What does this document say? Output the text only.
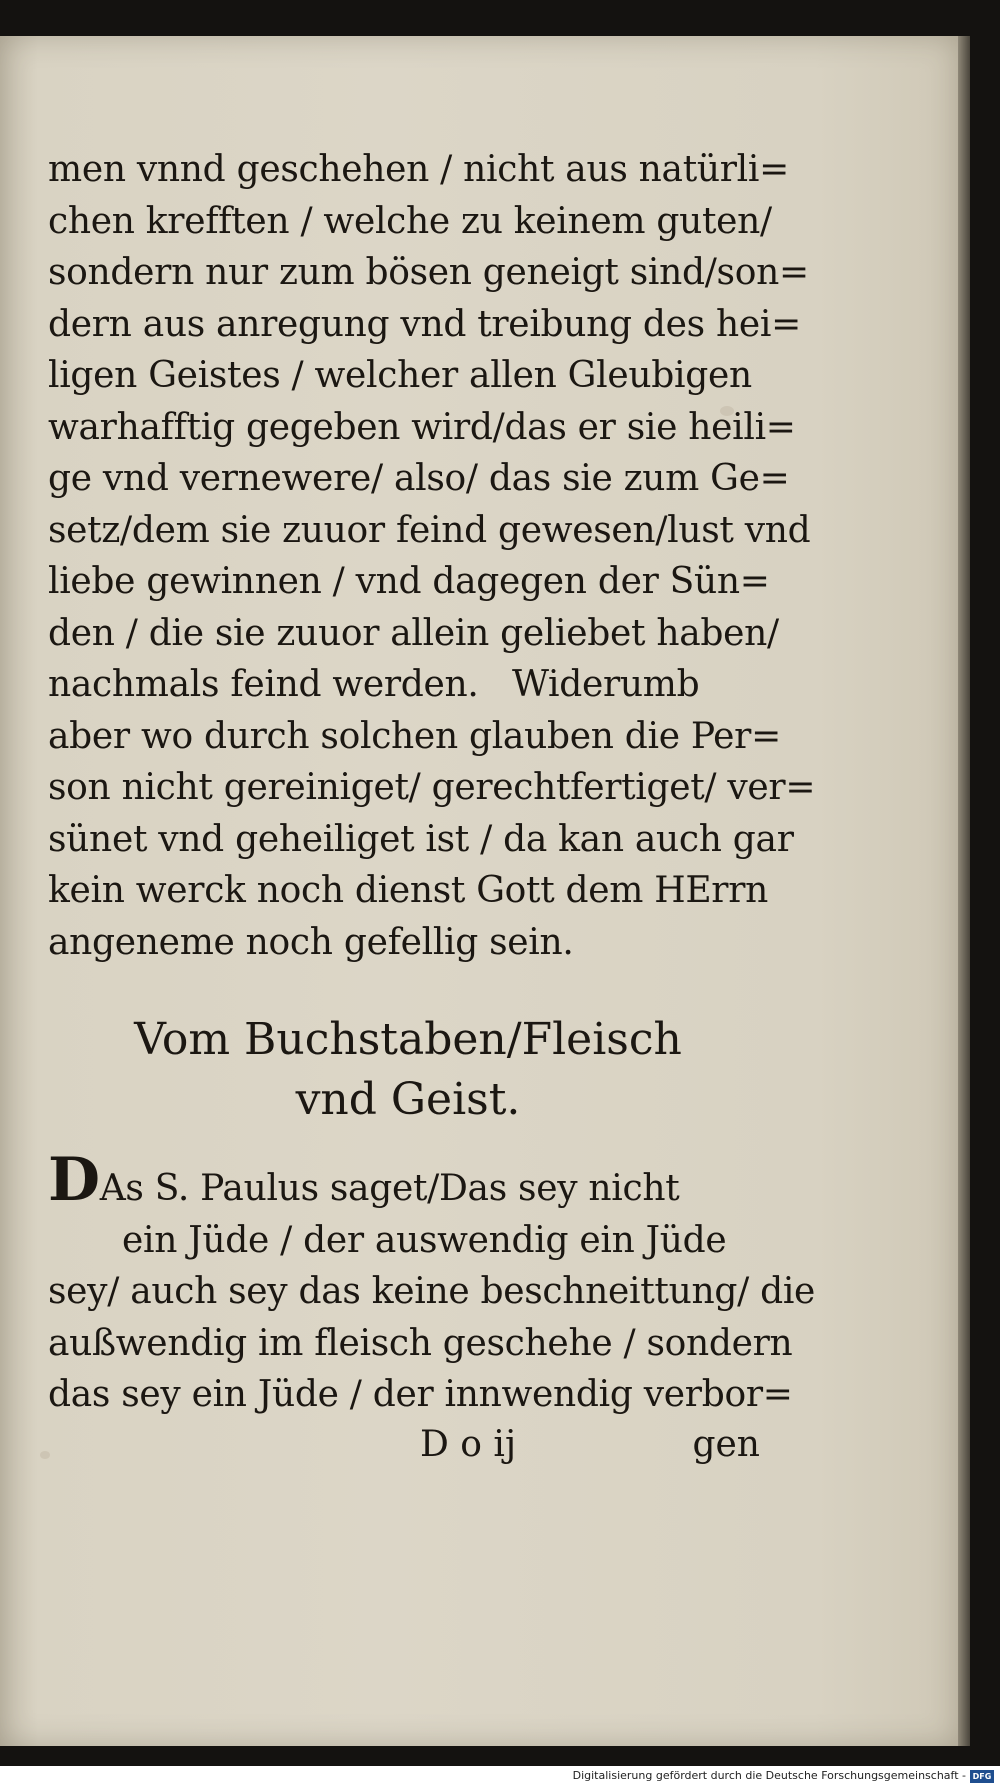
men vnnd geschehen / nicht aus natürli=
chen krefften / welche zu keinem guten/
sondern nur zum bösen geneigt sind/son=
dern aus anregung vnd treibung des hei=
ligen Geistes / welcher allen Gleubigen
warhafftig gegeben wird/das er sie heili=
ge vnd vernewere/ also/ das sie zum Ge=
setz/dem sie zuuor feind gewesen/lust vnd
liebe gewinnen / vnd dagegen der Sün=
den / die sie zuuor allein geliebet haben/
nachmals feind werden.   Widerumb
aber wo durch solchen glauben die Per=
son nicht gereiniget/ gerechtfertiget/ ver=
sünet vnd geheiliget ist / da kan auch gar
kein werck noch dienst Gott dem HErrn
angeneme noch gefellig sein.
Vom Buchstaben/Fleisch
vnd Geist.
DAs S. Paulus saget/Das sey nicht
ein Jüde / der auswendig ein Jüde
sey/ auch sey das keine beschneittung/ die
außwendig im fleisch geschehe / sondern
das sey ein Jüde / der innwendig verbor=
D o ij	gen
Digitalisierung gefördert durch die Deutsche Forschungsgemeinschaft - DFG
